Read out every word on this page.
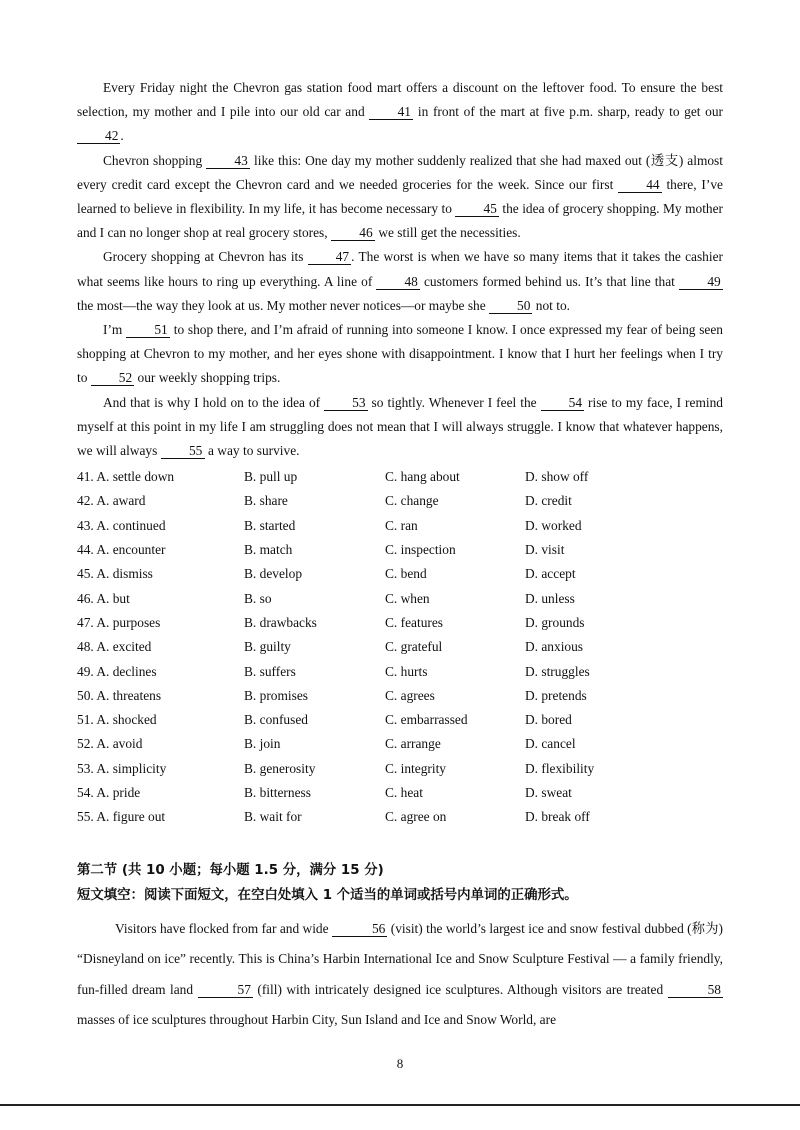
Every Friday night the Chevron gas station food mart offers a discount on the leftover food. To ensure the best selection, my mother and I pile into our old car and 41 in front of the mart at five p.m. sharp, ready to get our 42 .

Chevron shopping 43 like this: One day my mother suddenly realized that she had maxed out (透支) almost every credit card except the Chevron card and we needed groceries for the week. Since our first 44 there, I’ve learned to believe in flexibility. In my life, it has become necessary to 45 the idea of grocery shopping. My mother and I can no longer shop at real grocery stores, 46 we still get the necessities.

Grocery shopping at Chevron has its 47 . The worst is when we have so many items that it takes the cashier what seems like hours to ring up everything. A line of 48 customers formed behind us. It’s that line that 49 the most—the way they look at us. My mother never notices—or maybe she 50 not to.

I’m 51 to shop there, and I’m afraid of running into someone I know. I once expressed my fear of being seen shopping at Chevron to my mother, and her eyes shone with disappointment. I know that I hurt her feelings when I try to 52 our weekly shopping trips.

And that is why I hold on to the idea of 53 so tightly. Whenever I feel the 54 rise to my face, I remind myself at this point in my life I am struggling does not mean that I will always struggle. I know that whatever happens, we will always 55 a way to survive.

41. A. settle down	B. pull up	C. hang about	D. show off
42. A. award	B. share	C. change	D. credit
43. A. continued	B. started	C. ran	D. worked
44. A. encounter	B. match	C. inspection	D. visit
45. A. dismiss	B. develop	C. bend	D. accept
46. A. but	B. so	C. when	D. unless
47. A. purposes	B. drawbacks	C. features	D. grounds
48. A. excited	B. guilty	C. grateful	D. anxious
49. A. declines	B. suffers	C. hurts	D. struggles
50. A. threatens	B. promises	C. agrees	D. pretends
51. A. shocked	B. confused	C. embarrassed	D. bored
52. A. avoid	B. join	C. arrange	D. cancel
53. A. simplicity	B. generosity	C. integrity	D. flexibility
54. A. pride	B. bitterness	C. heat	D. sweat
55. A. figure out	B. wait for	C. agree on	D. break off
第二节 (共 10 小题；每小题 1.5 分，满分 15 分)
短文填空：阅读下面短文，在空白处填入 1 个适当的单词或括号内单词的正确形式。

Visitors have flocked from far and wide	56 (visit) the world’s largest ice and snow festival dubbed (称为) “Disneyland on ice” recently. This is China’s Harbin International Ice and Snow Sculpture Festival — a family friendly, fun-filled dream land	57 (fill) with intricately designed ice sculptures. Although visitors are treated	58 masses of ice sculptures throughout Harbin City, Sun Island and Ice and Snow World, are

8
